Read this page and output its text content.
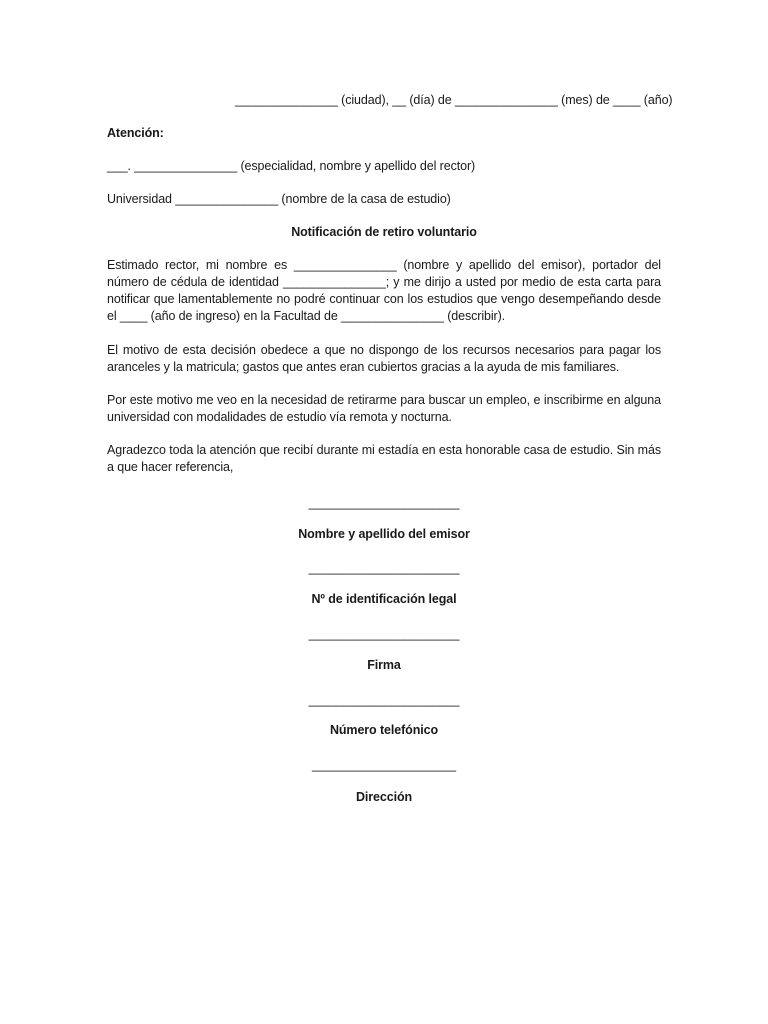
_______________ (ciudad), __ (día) de _______________ (mes) de ____ (año)
Atención:
___. _______________ (especialidad, nombre y apellido del rector)
Universidad _______________ (nombre de la casa de estudio)
Notificación de retiro voluntario
Estimado rector, mi nombre es _______________ (nombre y apellido del emisor), portador del número de cédula de identidad _______________; y me dirijo a usted por medio de esta carta para notificar que lamentablemente no podré continuar con los estudios que vengo desempeñando desde el ____ (año de ingreso) en la Facultad de _______________ (describir).
El motivo de esta decisión obedece a que no dispongo de los recursos necesarios para pagar los aranceles y la matricula; gastos que antes eran cubiertos gracias a la ayuda de mis familiares.
Por este motivo me veo en la necesidad de retirarme para buscar un empleo, e inscribirme en alguna universidad con modalidades de estudio vía remota y nocturna.
Agradezco toda la atención que recibí durante mi estadía en esta honorable casa de estudio. Sin más a que hacer referencia,
______________________
Nombre y apellido del emisor
______________________
Nº de identificación legal
______________________
Firma
______________________
Número telefónico
_____________________
Dirección
